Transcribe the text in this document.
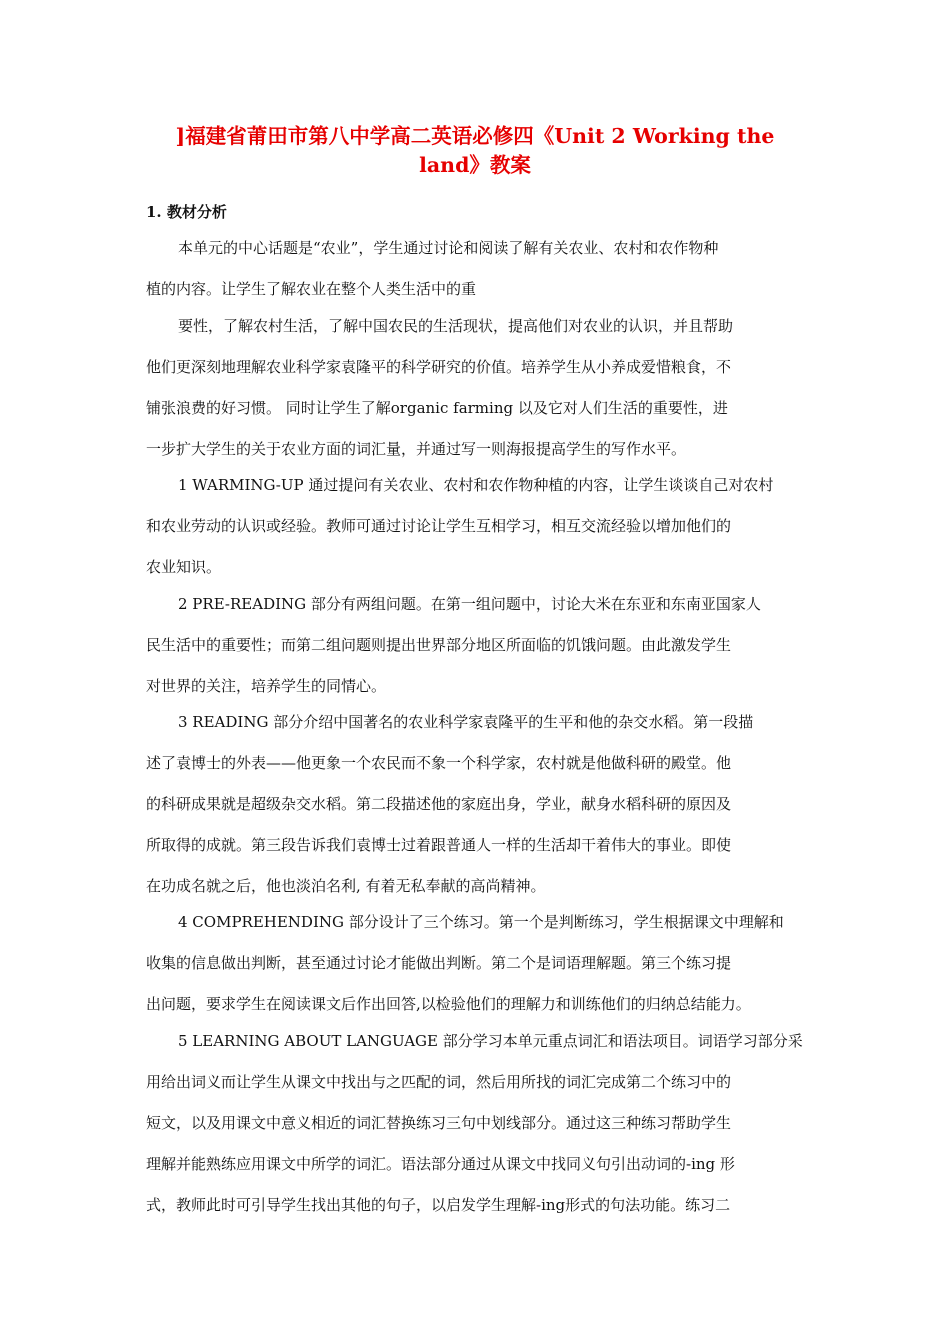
]福建省莆田市第八中学高二英语必修四《Unit 2 Working the
land》教案
1. 教材分析

本单元的中心话题是“农业”，学生通过讨论和阅读了解有关农业、农村和农作物种

植的内容。让学生了解农业在整个人类生活中的重

要性，了解农村生活，了解中国农民的生活现状，提高他们对农业的认识，并且帮助

他们更深刻地理解农业科学家袁隆平的科学研究的价值。培养学生从小养成爱惜粮食，不

铺张浪费的好习惯。 同时让学生了解organic farming 以及它对人们生活的重要性，进

一步扩大学生的关于农业方面的词汇量，并通过写一则海报提高学生的写作水平。

1 WARMING-UP 通过提问有关农业、农村和农作物种植的内容，让学生谈谈自己对农村

和农业劳动的认识或经验。教师可通过讨论让学生互相学习，相互交流经验以增加他们的

农业知识。

2 PRE-READING 部分有两组问题。在第一组问题中，讨论大米在东亚和东南亚国家人

民生活中的重要性；而第二组问题则提出世界部分地区所面临的饥饿问题。由此激发学生

对世界的关注，培养学生的同情心。

3 READING 部分介绍中国著名的农业科学家袁隆平的生平和他的杂交水稻。第一段描

述了袁博士的外表——他更象一个农民而不象一个科学家，农村就是他做科研的殿堂。他

的科研成果就是超级杂交水稻。第二段描述他的家庭出身，学业，献身水稻科研的原因及

所取得的成就。第三段告诉我们袁博士过着跟普通人一样的生活却干着伟大的事业。即使

在功成名就之后，他也淡泊名利, 有着无私奉献的高尚精神。

4 COMPREHENDING 部分设计了三个练习。第一个是判断练习，学生根据课文中理解和

收集的信息做出判断，甚至通过讨论才能做出判断。第二个是词语理解题。第三个练习提

出问题，要求学生在阅读课文后作出回答,以检验他们的理解力和训练他们的归纳总结能力。

5 LEARNING ABOUT LANGUAGE 部分学习本单元重点词汇和语法项目。词语学习部分采

用给出词义而让学生从课文中找出与之匹配的词，然后用所找的词汇完成第二个练习中的

短文，以及用课文中意义相近的词汇替换练习三句中划线部分。通过这三种练习帮助学生

理解并能熟练应用课文中所学的词汇。语法部分通过从课文中找同义句引出动词的-ing 形

式，教师此时可引导学生找出其他的句子，以启发学生理解-ing形式的句法功能。练习二
